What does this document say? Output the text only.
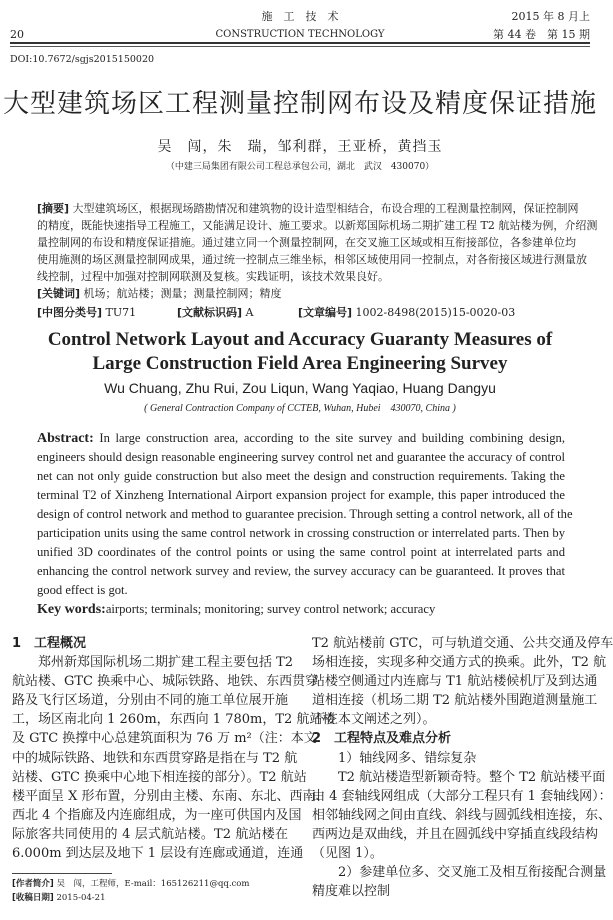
20
施　工　技　术
CONSTRUCTION TECHNOLOGY
2015 年 8 月上
第 44 卷　第 15 期
DOI:10.7672/sgjs2015150020
大型建筑场区工程测量控制网布设及精度保证措施
吴　闯，朱　瑞，邹利群，王亚桥，黄挡玉
（中建三局集团有限公司工程总承包公司，湖北　武汉　430070）
[摘要] 大型建筑场区，根据现场踏勘情况和建筑物的设计造型相结合，布设合理的工程测量控制网，保证控制网
的精度，既能快速指导工程施工，又能满足设计、施工要求。以新郑国际机场二期扩建工程 T2 航站楼为例，介绍测
量控制网的布设和精度保证措施。通过建立同一个测量控制网，在交叉施工区域或相互衔接部位，各参建单位均
使用施测的场区测量控制网成果，通过统一控制点三维坐标，相邻区域使用同一控制点，对各衔接区域进行测量放
线控制，过程中加强对控制网联测及复核。实践证明，该技术效果良好。
[关键词] 机场；航站楼；测量；测量控制网；精度
[中图分类号] TU71	[文献标识码] A	[文章编号] 1002-8498(2015)15-0020-03
Control Network Layout and Accuracy Guaranty Measures of
Large Construction Field Area Engineering Survey
Wu Chuang, Zhu Rui, Zou Liqun, Wang Yaqiao, Huang Dangyu
( General Contraction Company of CCTEB, Wuhan, Hubei　430070, China )
Abstract: In large construction area, according to the site survey and building combining design,
engineers should design reasonable engineering survey control net and guarantee the accuracy of control
net can not only guide construction but also meet the design and construction requirements. Taking the
terminal T2 of Xinzheng International Airport expansion project for example, this paper introduced the
design of control network and method to guarantee precision. Through setting a control network, all of the
participation units using the same control network in crossing construction or interrelated parts. Then by
unified 3D coordinates of the control points or using the same control point at interrelated parts and
enhancing the control network survey and review, the survey accuracy can be guaranteed. It proves that
good effect is got.
Key words:airports; terminals; monitoring; survey control network; accuracy
1　工程概况
郑州新郑国际机场二期扩建工程主要包括 T2
航站楼、GTC 换乘中心、城际铁路、地铁、东西贯穿
路及飞行区场道，分别由不同的施工单位展开施
工，场区南北向 1 260m，东西向 1 780m，T2 航站楼
及 GTC 换撑中心总建筑面积为 76 万 m²（注：本文
中的城际铁路、地铁和东西贯穿路是指在与 T2 航
站楼、GTC 换乘中心地下相连接的部分）。T2 航站
楼平面呈 X 形布置，分别由主楼、东南、东北、西南、
西北 4 个指廊及内连廊组成，为一座可供国内及国
际旅客共同使用的 4 层式航站楼。T2 航站楼在
6.000m 到达层及地下 1 层设有连廊或通道，连通
T2 航站楼前 GTC，可与轨道交通、公共交通及停车
场相连接，实现多种交通方式的换乘。此外，T2 航
站楼空侧通过内连廊与 T1 航站楼候机厅及到达通
道相连接（机场二期 T2 航站楼外围跑道测量施工
不在本文阐述之列）。
2　工程特点及难点分析
1）轴线网多、错综复杂
T2 航站楼造型新颖奇特。整个 T2 航站楼平面
由 4 套轴线网组成（大部分工程只有 1 套轴线网）：
相邻轴线网之间由直线、斜线与圆弧线相连接，东、
西两边是双曲线，并且在圆弧线中穿插直线段结构
（见图 1）。
2）参建单位多、交叉施工及相互衔接配合测量
精度难以控制
[作者简介] 吴　闯，工程师，E-mail：165126211@qq.com
[收稿日期] 2015-04-21
